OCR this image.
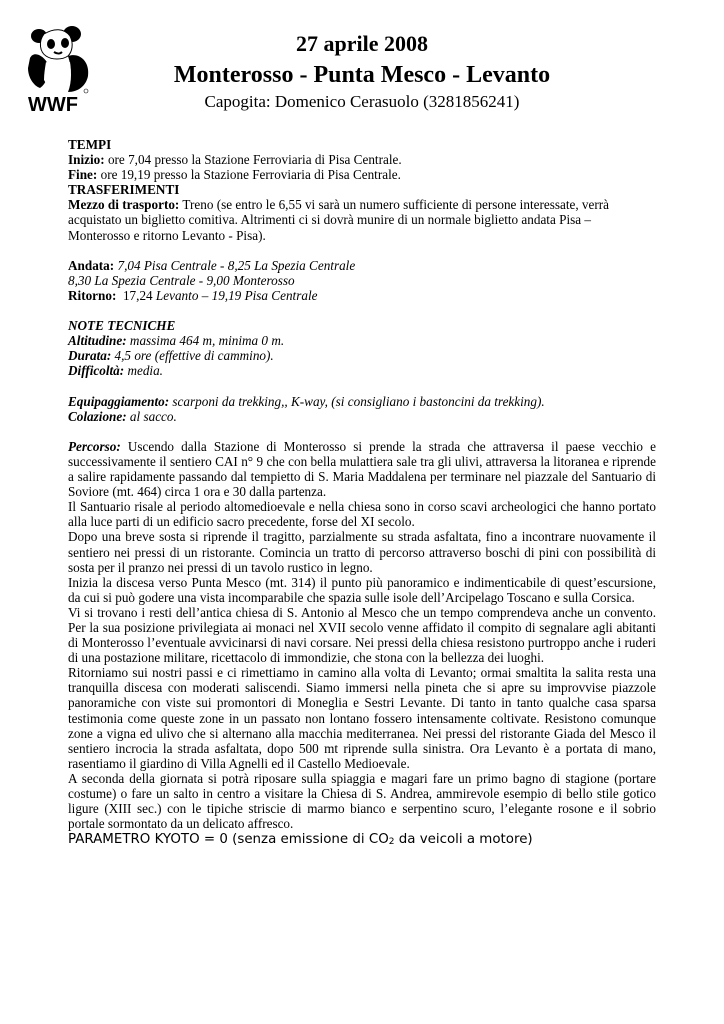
WWF
27 aprile 2008
Monterosso - Punta Mesco - Levanto
Capogita: Domenico Cerasuolo (3281856241)

TEMPI

Inizio: ore 7,04 presso la Stazione Ferroviaria di Pisa Centrale.

Fine: ore 19,19 presso la Stazione Ferroviaria di Pisa Centrale.

TRASFERIMENTI

Mezzo di trasporto: Treno (se entro le 6,55 vi sarà un numero sufficiente di persone interessate, verrà acquistato un biglietto comitiva. Altrimenti ci si dovrà munire di un normale biglietto andata Pisa – Monterosso e ritorno Levanto - Pisa).

Andata: 7,04 Pisa Centrale - 8,25 La Spezia Centrale

8,30 La Spezia Centrale - 9,00 Monterosso

Ritorno:  17,24 Levanto – 19,19 Pisa Centrale

NOTE TECNICHE

Altitudine: massima 464 m, minima 0 m.

Durata: 4,5 ore (effettive di cammino).

Difficoltà: media.

Equipaggiamento: scarponi da trekking,, K-way, (si consigliano i bastoncini da trekking).

Colazione: al sacco.

Percorso: Uscendo dalla Stazione di Monterosso si prende la strada che attraversa il paese vecchio e successivamente il sentiero CAI n° 9 che con bella mulattiera sale tra gli ulivi, attraversa la litoranea e riprende a salire rapidamente passando dal tempietto di S. Maria Maddalena per terminare nel piazzale del Santuario di Soviore (mt. 464) circa 1 ora e 30 dalla partenza.

Il Santuario risale al periodo altomedioevale e nella chiesa sono in corso scavi archeologici che hanno portato alla luce parti di un edificio sacro precedente, forse del XI secolo.

Dopo una breve sosta si riprende il tragitto, parzialmente su strada asfaltata, fino a incontrare nuovamente il sentiero nei pressi di un ristorante. Comincia un tratto di percorso attraverso boschi di pini con possibilità di sosta per il pranzo nei pressi di un tavolo rustico in legno.

Inizia la discesa verso Punta Mesco (mt. 314) il punto più panoramico e indimenticabile di quest’escursione, da cui si può godere una vista incomparabile che spazia sulle isole dell’Arcipelago Toscano e sulla Corsica.

Vi si trovano i resti dell’antica chiesa di S. Antonio al Mesco che un tempo comprendeva anche un convento. Per la sua posizione privilegiata ai monaci nel XVII secolo venne affidato il compito di segnalare agli abitanti di Monterosso l’eventuale avvicinarsi di navi corsare. Nei pressi della chiesa resistono purtroppo anche i ruderi di una postazione militare, ricettacolo di immondizie, che stona con la bellezza dei luoghi.

Ritorniamo sui nostri passi e ci rimettiamo in camino alla volta di Levanto; ormai smaltita la salita resta una tranquilla discesa con moderati saliscendi. Siamo immersi nella pineta che si apre su improvvise piazzole panoramiche con viste sui promontori di Moneglia e Sestri Levante. Di tanto in tanto qualche casa sparsa testimonia come queste zone in un passato non lontano fossero intensamente coltivate. Resistono comunque zone a vigna ed ulivo che si alternano alla macchia mediterranea. Nei pressi del ristorante Giada del Mesco il sentiero incrocia la strada asfaltata, dopo 500 mt riprende sulla sinistra. Ora Levanto è a portata di mano, rasentiamo il giardino di Villa Agnelli ed il Castello Medioevale.

A seconda della giornata si potrà riposare sulla spiaggia e magari fare un primo bagno di stagione (portare costume) o fare un salto in centro a visitare la Chiesa di S. Andrea, ammirevole esempio di bello stile gotico ligure (XIII sec.) con le tipiche striscie di marmo bianco e serpentino scuro, l’elegante rosone e il sobrio portale sormontato da un delicato affresco.

PARAMETRO KYOTO = 0 (senza emissione di $CO_2$ da veicoli a motore)
